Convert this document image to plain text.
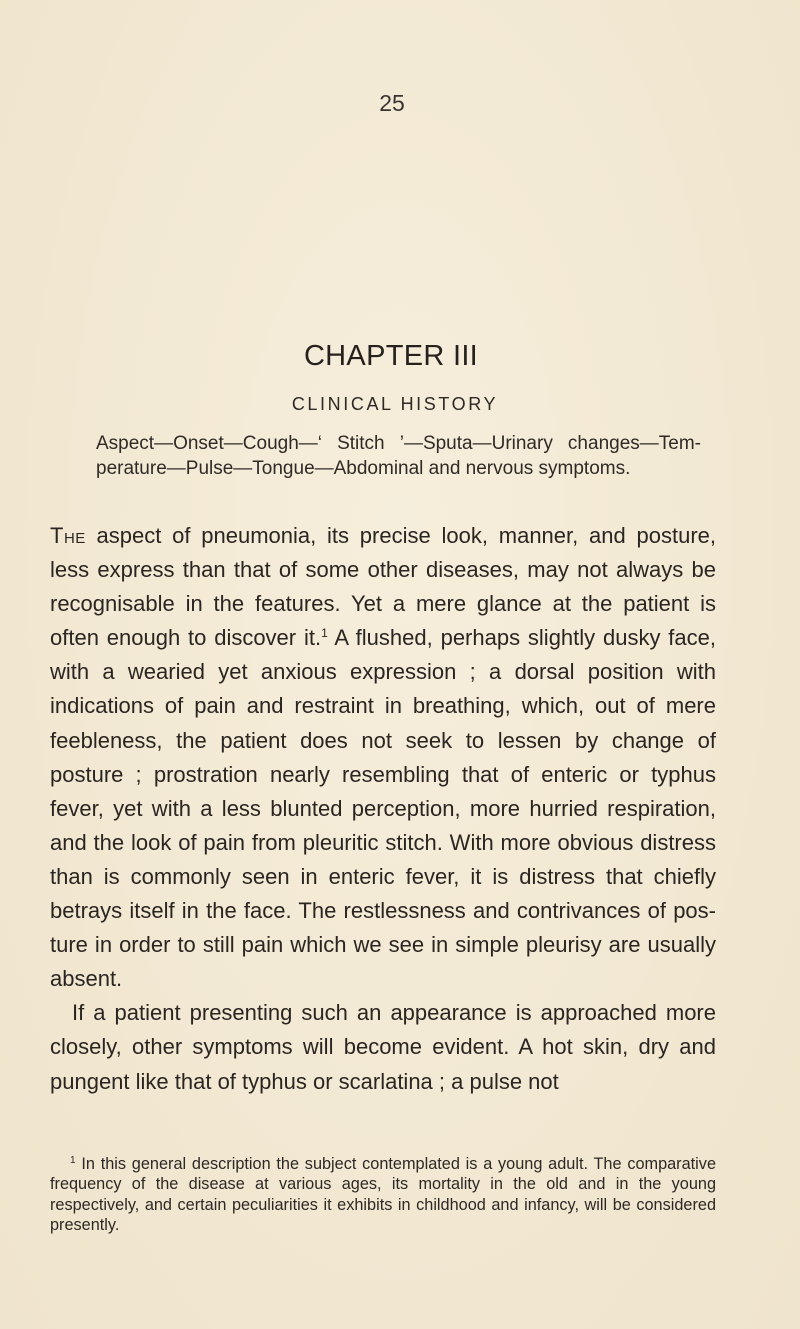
25
CHAPTER III
CLINICAL HISTORY
Aspect—Onset—Cough—‘ Stitch ’—Sputa—Urinary changes—Tem-perature—Pulse—Tongue—Abdominal and nervous symptoms.

The aspect of pneumonia, its precise look, manner, and posture, less express than that of some other diseases, may not always be recognisable in the features. Yet a mere glance at the patient is often enough to discover it.$^1$ A flushed, perhaps slightly dusky face, with a wearied yet anxious expression ; a dorsal position with indications of pain and restraint in breathing, which, out of mere feebleness, the patient does not seek to lessen by change of posture ; prostration nearly resembling that of enteric or typhus fever, yet with a less blunted perception, more hurried respiration, and the look of pain from pleuritic stitch. With more obvious distress than is commonly seen in enteric fever, it is distress that chiefly betrays itself in the face. The restlessness and contrivances of pos-ture in order to still pain which we see in simple pleurisy are usually absent.

If a patient presenting such an appearance is approached more closely, other symptoms will become evident. A hot skin, dry and pungent like that of typhus or scarlatina ; a pulse not

$^1$ In this general description the subject contemplated is a young adult. The comparative frequency of the disease at various ages, its mortality in the old and in the young respectively, and certain peculiarities it exhibits in childhood and infancy, will be considered presently.
